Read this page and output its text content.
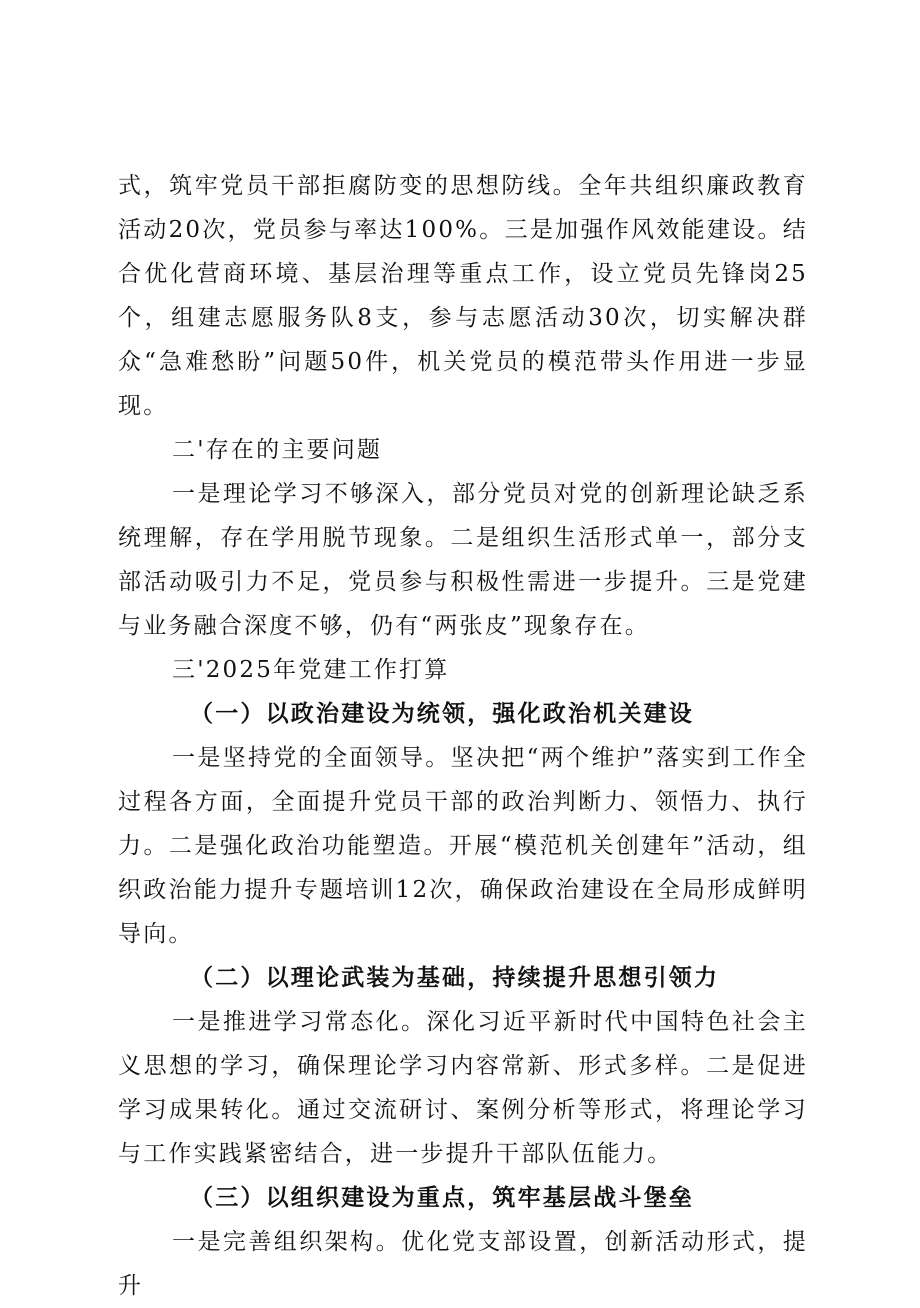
式，筑牢党员干部拒腐防变的思想防线。全年共组织廉政教育活动20次，党员参与率达100%。三是加强作风效能建设。结合优化营商环境、基层治理等重点工作，设立党员先锋岗25个，组建志愿服务队8支，参与志愿活动30次，切实解决群众“急难愁盼”问题50件，机关党员的模范带头作用进一步显现。

二'存在的主要问题

一是理论学习不够深入，部分党员对党的创新理论缺乏系统理解，存在学用脱节现象。二是组织生活形式单一，部分支部活动吸引力不足，党员参与积极性需进一步提升。三是党建与业务融合深度不够，仍有“两张皮”现象存在。

三'2025年党建工作打算

（一）以政治建设为统领，强化政治机关建设

一是坚持党的全面领导。坚决把“两个维护”落实到工作全过程各方面，全面提升党员干部的政治判断力、领悟力、执行力。二是强化政治功能塑造。开展“模范机关创建年”活动，组织政治能力提升专题培训12次，确保政治建设在全局形成鲜明导向。

（二）以理论武装为基础，持续提升思想引领力

一是推进学习常态化。深化习近平新时代中国特色社会主义思想的学习，确保理论学习内容常新、形式多样。二是促进学习成果转化。通过交流研讨、案例分析等形式，将理论学习与工作实践紧密结合，进一步提升干部队伍能力。

（三）以组织建设为重点，筑牢基层战斗堡垒

一是完善组织架构。优化党支部设置，创新活动形式，提升
